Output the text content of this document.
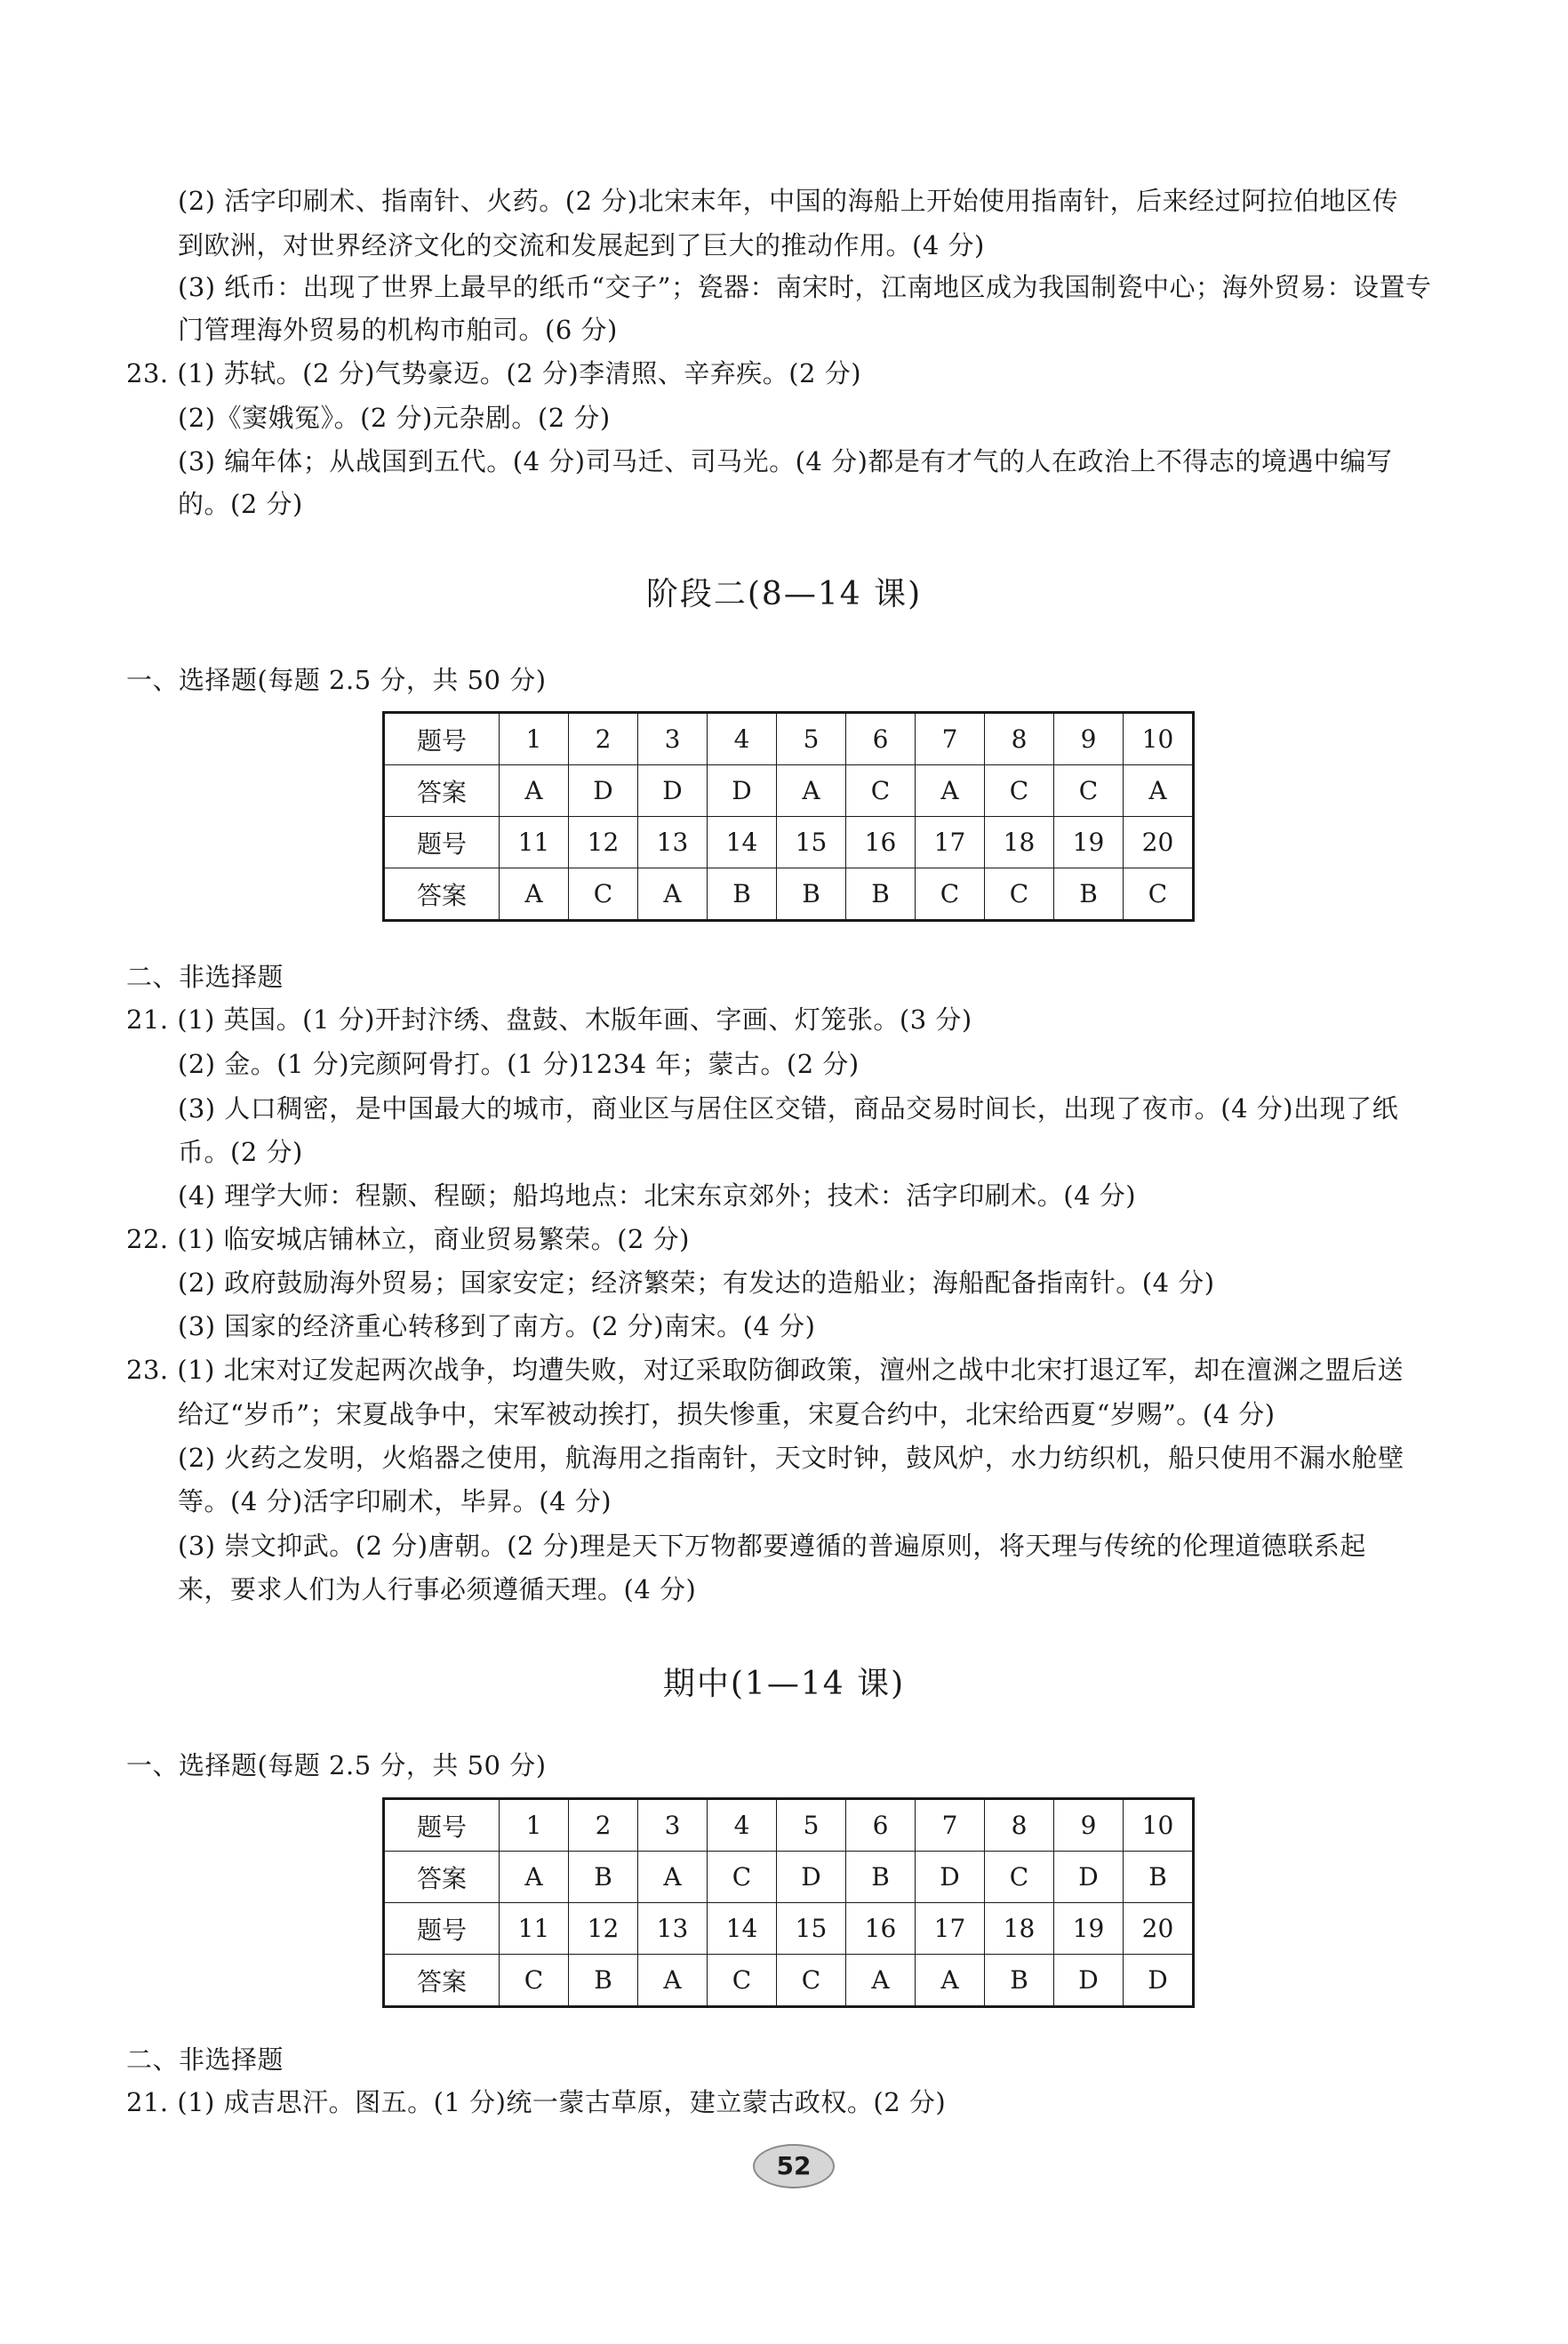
(2) 活字印刷术、指南针、火药。(2 分)北宋末年，中国的海船上开始使用指南针，后来经过阿拉伯地区传
到欧洲，对世界经济文化的交流和发展起到了巨大的推动作用。(4 分)
(3) 纸币：出现了世界上最早的纸币“交子”；瓷器：南宋时，江南地区成为我国制瓷中心；海外贸易：设置专
门管理海外贸易的机构市舶司。(6 分)
23. (1) 苏轼。(2 分)气势豪迈。(2 分)李清照、辛弃疾。(2 分)
(2)《窦娥冤》。(2 分)元杂剧。(2 分)
(3) 编年体；从战国到五代。(4 分)司马迁、司马光。(4 分)都是有才气的人在政治上不得志的境遇中编写
的。(2 分)
阶段二(8—14 课)
一、选择题(每题 2.5 分，共 50 分)
题号	1	2	3	4	5	6	7	8	9	10
答案	A	D	D	D	A	C	A	C	C	A
题号	11	12	13	14	15	16	17	18	19	20
答案	A	C	A	B	B	B	C	C	B	C
二、非选择题
21. (1) 英国。(1 分)开封汴绣、盘鼓、木版年画、字画、灯笼张。(3 分)
(2) 金。(1 分)完颜阿骨打。(1 分)1234 年；蒙古。(2 分)
(3) 人口稠密，是中国最大的城市，商业区与居住区交错，商品交易时间长，出现了夜市。(4 分)出现了纸
币。(2 分)
(4) 理学大师：程颢、程颐；船坞地点：北宋东京郊外；技术：活字印刷术。(4 分)
22. (1) 临安城店铺林立，商业贸易繁荣。(2 分)
(2) 政府鼓励海外贸易；国家安定；经济繁荣；有发达的造船业；海船配备指南针。(4 分)
(3) 国家的经济重心转移到了南方。(2 分)南宋。(4 分)
23. (1) 北宋对辽发起两次战争，均遭失败，对辽采取防御政策，澶州之战中北宋打退辽军，却在澶渊之盟后送
给辽“岁币”；宋夏战争中，宋军被动挨打，损失惨重，宋夏合约中，北宋给西夏“岁赐”。(4 分)
(2) 火药之发明，火焰器之使用，航海用之指南针，天文时钟，鼓风炉，水力纺织机，船只使用不漏水舱壁
等。(4 分)活字印刷术，毕昇。(4 分)
(3) 崇文抑武。(2 分)唐朝。(2 分)理是天下万物都要遵循的普遍原则，将天理与传统的伦理道德联系起
来，要求人们为人行事必须遵循天理。(4 分)
期中(1—14 课)
一、选择题(每题 2.5 分，共 50 分)
题号	1	2	3	4	5	6	7	8	9	10
答案	A	B	A	C	D	B	D	C	D	B
题号	11	12	13	14	15	16	17	18	19	20
答案	C	B	A	C	C	A	A	B	D	D
二、非选择题
21. (1) 成吉思汗。图五。(1 分)统一蒙古草原，建立蒙古政权。(2 分)
52
